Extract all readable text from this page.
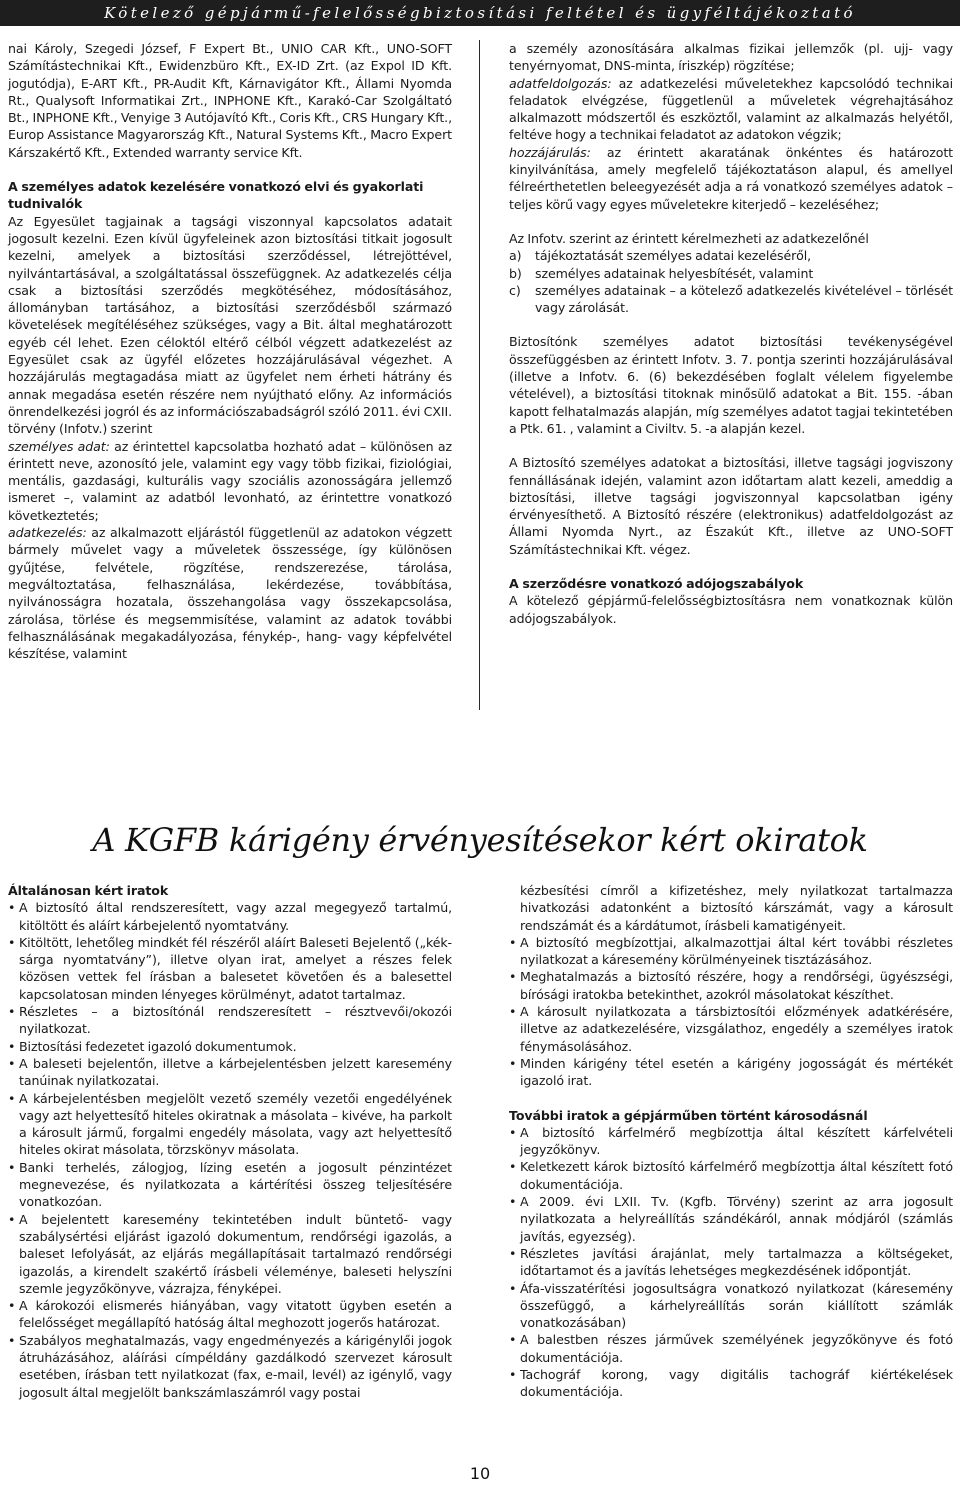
Kötelező gépjármű-felelősségbiztosítási feltétel és ügyféltájékoztató

nai Károly, Szegedi József, F Expert Bt., UNIO CAR Kft., UNO-SOFT Számítástechnikai Kft., Ewidenzbüro Kft., EX-ID Zrt. (az Expol ID Kft. jogutódja), E-ART Kft., PR-Audit Kft, Kárnavigátor Kft., Állami Nyomda Rt., Qualysoft Informatikai Zrt., INPHONE Kft., Karakó-Car Szolgáltató Bt., INPHONE Kft., Venyige 3 Autójavító Kft., Coris Kft., CRS Hungary Kft., Europ Assistance Magyarország Kft., Natural Systems Kft., Macro Expert Kárszakértő Kft., Extended warranty service Kft.

A személyes adatok kezelésére vonatkozó elvi és gyakorlati tudnivalók

Az Egyesület tagjainak a tagsági viszonnyal kapcsolatos adatait jogosult kezelni. Ezen kívül ügyfeleinek azon biztosítási titkait jogosult kezelni, amelyek a biztosítási szerződéssel, létrejöttével, nyilvántartásával, a szolgáltatással összefüggnek. Az adatkezelés célja csak a biztosítási szerződés megkötéséhez, módosításához, állományban tartásához, a biztosítási szerződésből származó követelések megítéléséhez szükséges, vagy a Bit. által meghatározott egyéb cél lehet. Ezen céloktól eltérő célból végzett adatkezelést az Egyesület csak az ügyfél előzetes hozzájárulásával végezhet. A hozzájárulás megtagadása miatt az ügyfelet nem érheti hátrány és annak megadása esetén részére nem nyújtható előny. Az információs önrendelkezési jogról és az információszabadságról szóló 2011. évi CXII. törvény (Infotv.) szerint

személyes adat: az érintettel kapcsolatba hozható adat – különösen az érintett neve, azonosító jele, valamint egy vagy több fizikai, fiziológiai, mentális, gazdasági, kulturális vagy szociális azonosságára jellemző ismeret –, valamint az adatból levonható, az érintettre vonatkozó következtetés;

adatkezelés: az alkalmazott eljárástól függetlenül az adatokon végzett bármely művelet vagy a műveletek összessége, így különösen gyűjtése, felvétele, rögzítése, rendszerezése, tárolása, megváltoztatása, felhasználása, lekérdezése, továbbítása, nyilvánosságra hozatala, összehangolása vagy összekapcsolása, zárolása, törlése és megsemmisítése, valamint az adatok további felhasználásának megakadályozása, fénykép-, hang- vagy képfelvétel készítése, valamint

a személy azonosítására alkalmas fizikai jellemzők (pl. ujj- vagy tenyérnyomat, DNS-minta, íriszkép) rögzítése;

adatfeldolgozás: az adatkezelési műveletekhez kapcsolódó technikai feladatok elvégzése, függetlenül a műveletek végrehajtásához alkalmazott módszertől és eszköztől, valamint az alkalmazás helyétől, feltéve hogy a technikai feladatot az adatokon végzik;

hozzájárulás: az érintett akaratának önkéntes és határozott kinyilvánítása, amely megfelelő tájékoztatáson alapul, és amellyel félreérthetetlen beleegyezését adja a rá vonatkozó személyes adatok – teljes körű vagy egyes műveletekre kiterjedő – kezeléséhez;

Az Infotv. szerint az érintett kérelmezheti az adatkezelőnél

a)	tájékoztatását személyes adatai kezeléséről,
b)	személyes adatainak helyesbítését, valamint
c)	személyes adatainak – a kötelező adatkezelés kivételével – törlését vagy zárolását.

Biztosítónk személyes adatot biztosítási tevékenységével összefüggésben az érintett Infotv. 3. 7. pontja szerinti hozzájárulásával (illetve a Infotv. 6. (6) bekezdésében foglalt vélelem figyelembe vételével), a biztosítási titoknak minősülő adatokat a Bit. 155. -ában kapott felhatalmazás alapján, míg személyes adatot tagjai tekintetében a Ptk. 61. , valamint a Civiltv. 5. -a alapján kezel.

A Biztosító személyes adatokat a biztosítási, illetve tagsági jogviszony fennállásának idején, valamint azon időtartam alatt kezeli, ameddig a biztosítási, illetve tagsági jogviszonnyal kapcsolatban igény érvényesíthető. A Biztosító részére (elektronikus) adatfeldolgozást az Állami Nyomda Nyrt., az Északút Kft., illetve az UNO-SOFT Számítástechnikai Kft. végez.

A szerződésre vonatkozó adójogszabályok

A kötelező gépjármű-felelősségbiztosításra nem vonatkoznak külön adójogszabályok.

A KGFB kárigény érvényesítésekor kért okiratok
Általánosan kért iratok
• A biztosító által rendszeresített, vagy azzal megegyező tartalmú, kitöltött és aláírt kárbejelentő nyomtatvány.
• Kitöltött, lehetőleg mindkét fél részéről aláírt Baleseti Bejelentő („kék-sárga nyomtatvány”), illetve olyan irat, amelyet a részes felek közösen vettek fel írásban a balesetet követően és a balesettel kapcsolatosan minden lényeges körülményt, adatot tartalmaz.
• Részletes – a biztosítónál rendszeresített – résztvevői/okozói nyilatkozat.
• Biztosítási fedezetet igazoló dokumentumok.
• A baleseti bejelentőn, illetve a kárbejelentésben jelzett karesemény tanúinak nyilatkozatai.
• A kárbejelentésben megjelölt vezető személy vezetői engedélyének vagy azt helyettesítő hiteles okiratnak a másolata – kivéve, ha parkolt a károsult jármű, forgalmi engedély másolata, vagy azt helyettesítő hiteles okirat másolata, törzskönyv másolata.
• Banki terhelés, zálogjog, lízing esetén a jogosult pénzintézet megnevezése, és nyilatkozata a kártérítési összeg teljesítésére vonatkozóan.
• A bejelentett karesemény tekintetében indult büntető- vagy szabálysértési eljárást igazoló dokumentum, rendőrségi igazolás, a baleset lefolyását, az eljárás megállapításait tartalmazó rendőrségi igazolás, a kirendelt szakértő írásbeli véleménye, baleseti helyszíni szemle jegyzőkönyve, vázrajza, fényképei.
• A károkozói elismerés hiányában, vagy vitatott ügyben esetén a felelősséget megállapító hatóság által meghozott jogerős határozat.
• Szabályos meghatalmazás, vagy engedményezés a kárigénylői jogok átruházásához, aláírási címpéldány gazdálkodó szervezet károsult esetében, írásban tett nyilatkozat (fax, e-mail, levél) az igénylő, vagy jogosult által megjelölt bankszámlaszámról vagy postai
kézbesítési címről a kifizetéshez, mely nyilatkozat tartalmazza hivatkozási adatonként a biztosító kárszámát, vagy a károsult rendszámát és a kárdátumot, írásbeli kamatigényeit.
• A biztosító megbízottjai, alkalmazottjai által kért további részletes nyilatkozat a káresemény körülményeinek tisztázásához.
• Meghatalmazás a biztosító részére, hogy a rendőrségi, ügyészségi, bírósági iratokba betekinthet, azokról másolatokat készíthet.
• A károsult nyilatkozata a társbiztosítói előzmények adatkérésére, illetve az adatkezelésére, vizsgálathoz, engedély a személyes iratok fénymásolásához.
• Minden kárigény tétel esetén a kárigény jogosságát és mértékét igazoló irat.
További iratok a gépjárműben történt károsodásnál
• A biztosító kárfelmérő megbízottja által készített kárfelvételi jegyzőkönyv.
• Keletkezett károk biztosító kárfelmérő megbízottja által készített fotó dokumentációja.
• A 2009. évi LXII. Tv. (Kgfb. Törvény) szerint az arra jogosult nyilatkozata a helyreállítás szándékáról, annak módjáról (számlás javítás, egyezség).
• Részletes javítási árajánlat, mely tartalmazza a költségeket, időtartamot és a javítás lehetséges megkezdésének időpontját.
• Áfa-visszatérítési jogosultságra vonatkozó nyilatkozat (káresemény összefüggő, a kárhelyreállítás során kiállított számlák vonatkozásában)
• A balestben részes járművek személyének jegyzőkönyve és fotó dokumentációja.
• Tachográf korong, vagy digitális tachográf kiértékelések dokumentációja.
10
